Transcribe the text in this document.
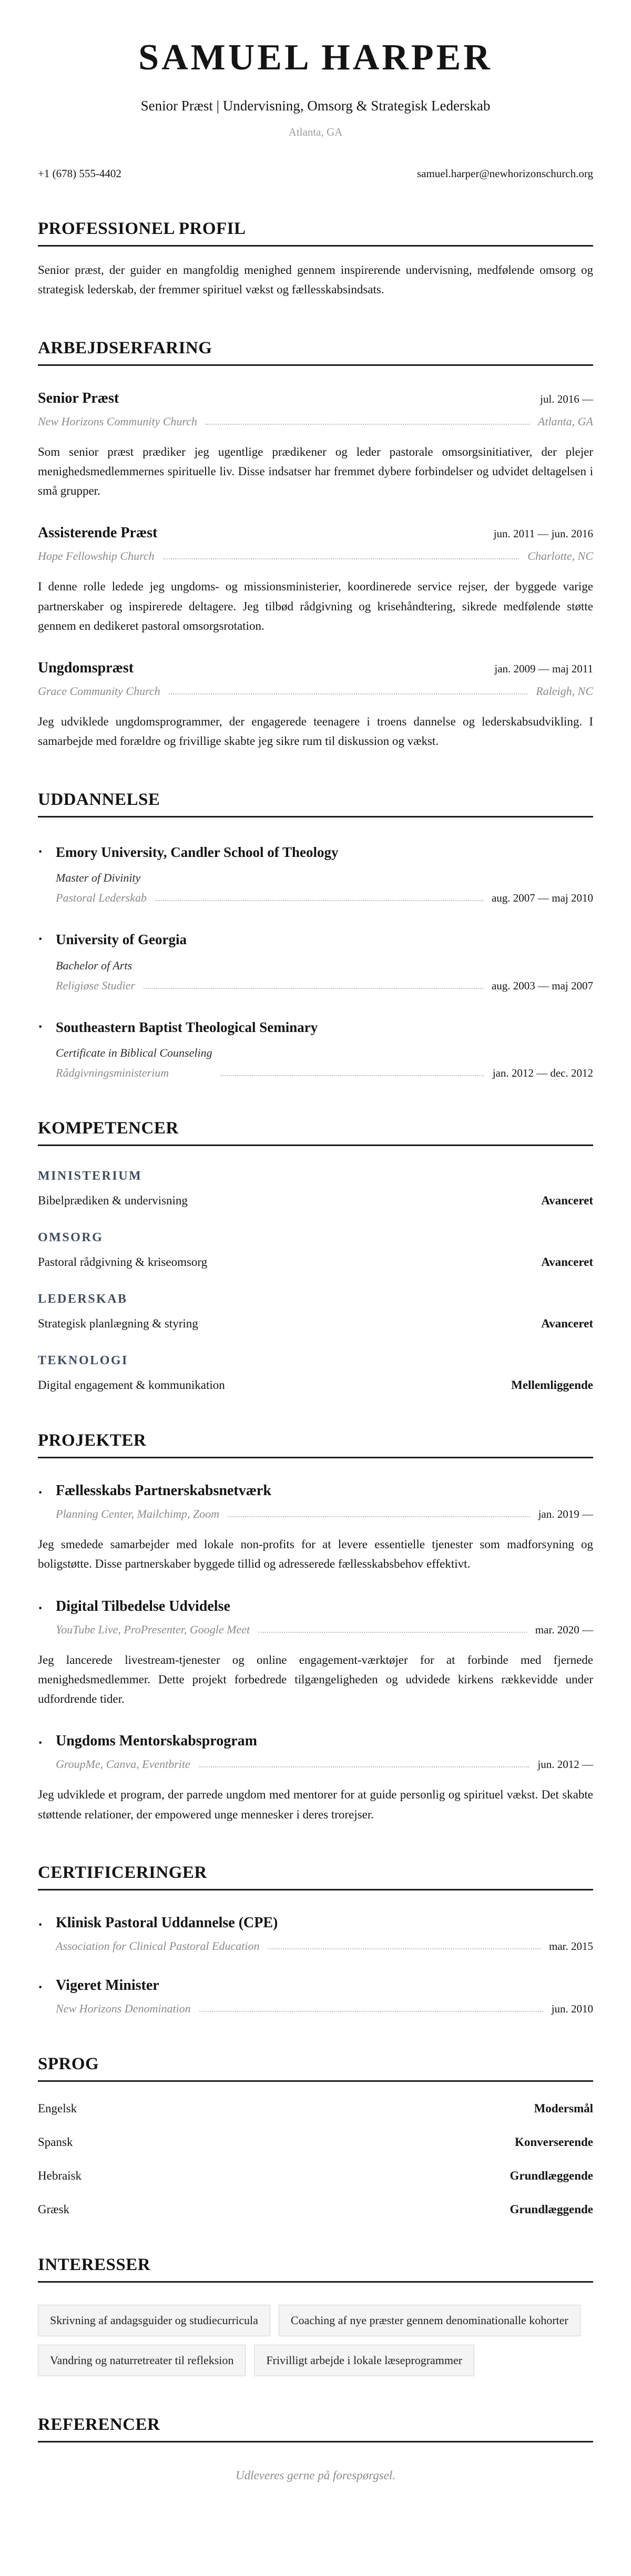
SAMUEL HARPER
Senior Præst | Undervisning, Omsorg & Strategisk Lederskab
Atlanta, GA
+1 (678) 555-4402	samuel.harper@newhorizonschurch.org
PROFESSIONEL PROFIL

Senior præst, der guider en mangfoldig menighed gennem inspirerende undervisning, medfølende omsorg og strategisk lederskab, der fremmer spirituel vækst og fællesskabsindsats.

ARBEJDSERFARING
Senior Præst	jul. 2016 —
New Horizons Community Church	Atlanta, GA

Som senior præst prædiker jeg ugentlige prædikener og leder pastorale omsorgsinitiativer, der plejer menighedsmedlemmernes spirituelle liv. Disse indsatser har fremmet dybere forbindelser og udvidet deltagelsen i små grupper.

Assisterende Præst	jun. 2011 — jun. 2016
Hope Fellowship Church	Charlotte, NC

I denne rolle ledede jeg ungdoms- og missionsministerier, koordinerede service rejser, der byggede varige partnerskaber og inspirerede deltagere. Jeg tilbød rådgivning og krisehåndtering, sikrede medfølende støtte gennem en dedikeret pastoral omsorgsrotation.

Ungdomspræst	jan. 2009 — maj 2011
Grace Community Church	Raleigh, NC

Jeg udviklede ungdomsprogrammer, der engagerede teenagere i troens dannelse og lederskabsudvikling. I samarbejde med forældre og frivillige skabte jeg sikre rum til diskussion og vækst.

UDDANNELSE
· Emory University, Candler School of Theology
Master of Divinity
Pastoral Lederskab	aug. 2007 — maj 2010
· University of Georgia
Bachelor of Arts
Religiøse Studier	aug. 2003 — maj 2007
· Southeastern Baptist Theological Seminary
Certificate in Biblical Counseling
Rådgivningsministerium	jan. 2012 — dec. 2012
KOMPETENCER
MINISTERIUM
Bibelprædiken & undervisning	Avanceret
OMSORG
Pastoral rådgivning & kriseomsorg	Avanceret
LEDERSKAB
Strategisk planlægning & styring	Avanceret
TEKNOLOGI
Digital engagement & kommunikation	Mellemliggende
PROJEKTER
· Fællesskabs Partnerskabsnetværk
Planning Center, Mailchimp, Zoom	jan. 2019 —

Jeg smedede samarbejder med lokale non-profits for at levere essentielle tjenester som madforsyning og boligstøtte. Disse partnerskaber byggede tillid og adresserede fællesskabsbehov effektivt.

· Digital Tilbedelse Udvidelse
YouTube Live, ProPresenter, Google Meet	mar. 2020 —

Jeg lancerede livestream-tjenester og online engagement-værktøjer for at forbinde med fjernede menighedsmedlemmer. Dette projekt forbedrede tilgængeligheden og udvidede kirkens rækkevidde under udfordrende tider.

· Ungdoms Mentorskabsprogram
GroupMe, Canva, Eventbrite	jun. 2012 —

Jeg udviklede et program, der parrede ungdom med mentorer for at guide personlig og spirituel vækst. Det skabte støttende relationer, der empowered unge mennesker i deres trorejser.

CERTIFICERINGER
· Klinisk Pastoral Uddannelse (CPE)
Association for Clinical Pastoral Education	mar. 2015
· Vigeret Minister
New Horizons Denomination	jun. 2010
SPROG
Engelsk	Modersmål
Spansk	Konverserende
Hebraisk	Grundlæggende
Græsk	Grundlæggende
INTERESSER
Skrivning af andagsguider og studiecurricula	Coaching af nye præster gennem denominationalle kohorter
Vandring og naturretreater til refleksion	Frivilligt arbejde i lokale læseprogrammer
REFERENCER
Udleveres gerne på forespørgsel.
